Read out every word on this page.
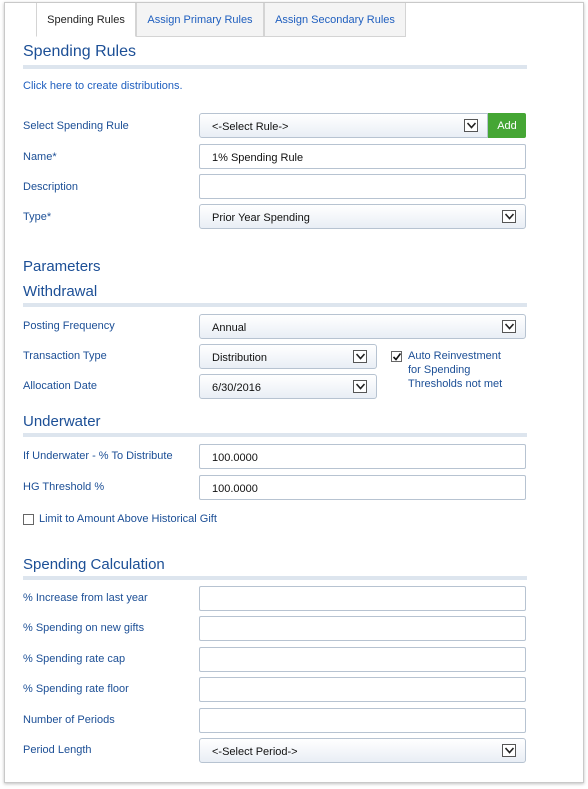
Spending Rules	Assign Primary Rules	Assign Secondary Rules
Spending Rules
Click here to create distributions.
Select Spending Rule	<-Select Rule->	Add
Name*	1% Spending Rule
Description
Type*	Prior Year Spending
Parameters
Withdrawal
Posting Frequency	Annual
Transaction Type	Distribution	Auto Reinvestment
for Spending
Thresholds not met
Allocation Date	6/30/2016
Underwater
If Underwater - % To Distribute	100.0000
HG Threshold %	100.0000
Limit to Amount Above Historical Gift
Spending Calculation
% Increase from last year
% Spending on new gifts
% Spending rate cap
% Spending rate floor
Number of Periods
Period Length	<-Select Period->
